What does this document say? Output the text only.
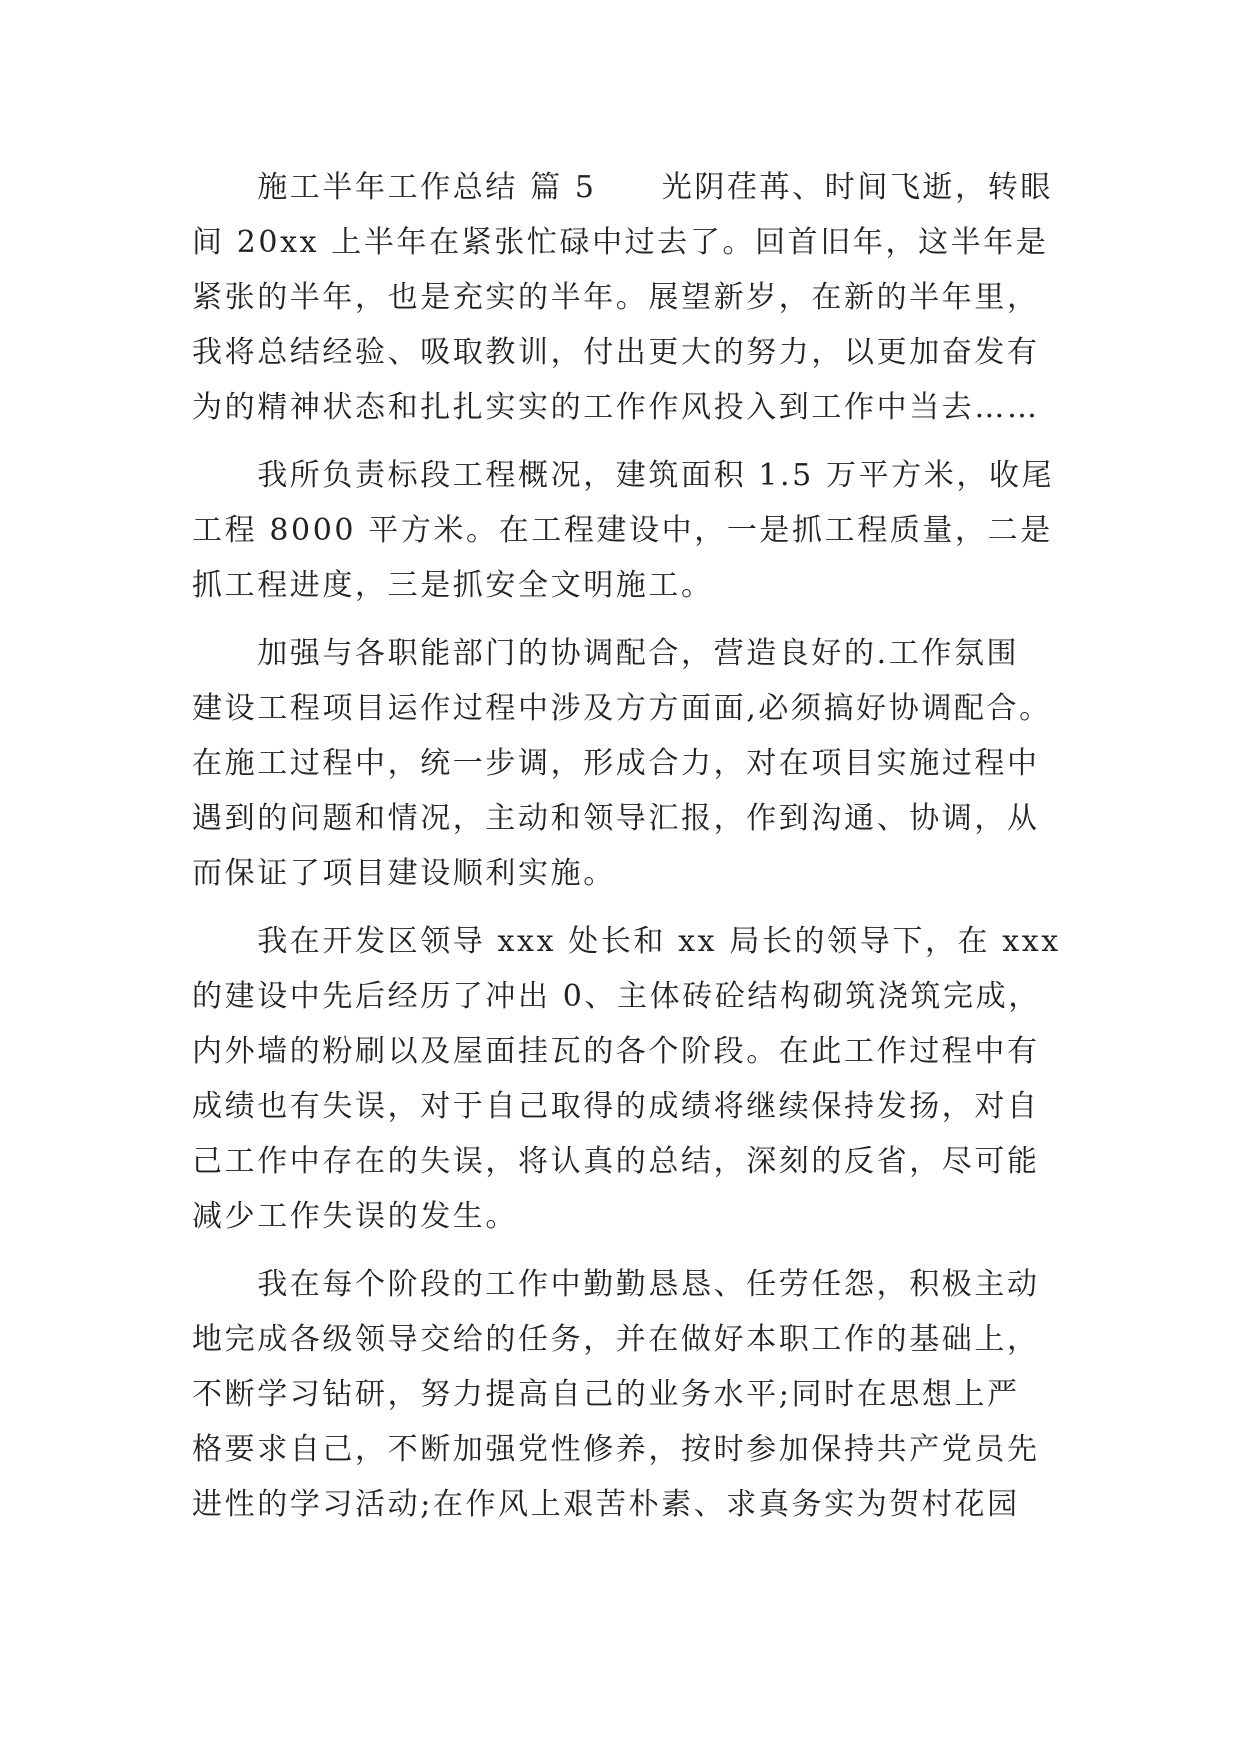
　　施工半年工作总结 篇 5　　光阴荏苒、时间飞逝，转眼
间 20xx 上半年在紧张忙碌中过去了。回首旧年，这半年是
紧张的半年，也是充实的半年。展望新岁，在新的半年里，
我将总结经验、吸取教训，付出更大的努力，以更加奋发有
为的精神状态和扎扎实实的工作作风投入到工作中当去……
　　我所负责标段工程概况，建筑面积 1.5 万平方米，收尾
工程 8000 平方米。在工程建设中，一是抓工程质量，二是
抓工程进度，三是抓安全文明施工。
　　加强与各职能部门的协调配合，营造良好的.工作氛围
建设工程项目运作过程中涉及方方面面,必须搞好协调配合。
在施工过程中，统一步调，形成合力，对在项目实施过程中
遇到的问题和情况，主动和领导汇报，作到沟通、协调，从
而保证了项目建设顺利实施。
　　我在开发区领导 xxx 处长和 xx 局长的领导下，在 xxx
的建设中先后经历了冲出 0、主体砖砼结构砌筑浇筑完成，
内外墙的粉刷以及屋面挂瓦的各个阶段。在此工作过程中有
成绩也有失误，对于自己取得的成绩将继续保持发扬，对自
己工作中存在的失误，将认真的总结，深刻的反省，尽可能
减少工作失误的发生。
　　我在每个阶段的工作中勤勤恳恳、任劳任怨，积极主动
地完成各级领导交给的任务，并在做好本职工作的基础上，
不断学习钻研，努力提高自己的业务水平;同时在思想上严
格要求自己，不断加强党性修养，按时参加保持共产党员先
进性的学习活动;在作风上艰苦朴素、求真务实为贺村花园
